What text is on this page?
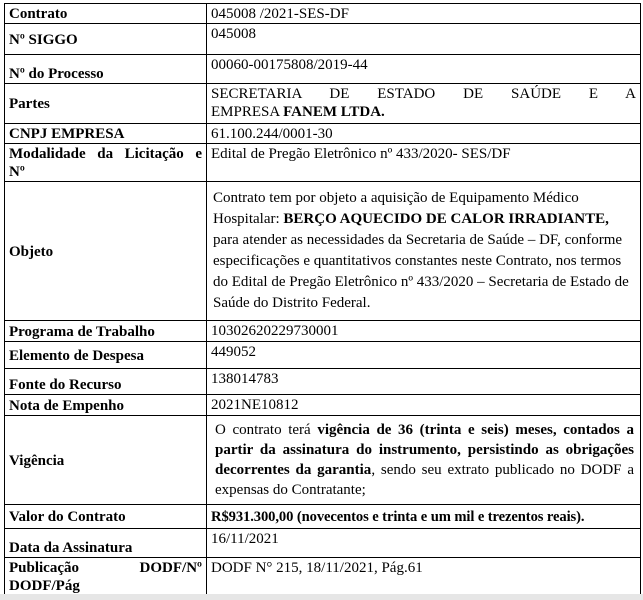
Contrato	045008 /2021-SES-DF
Nº SIGGO	045008
Nº do Processo	00060-00175808/2019-44
Partes	SECRETARIA DE ESTADO DE SAÚDE E A
EMPRESA FANEM LTDA.

CNPJ EMPRESA	61.100.244/0001-30

Modalidade da Licitação e
Nº	Edital de Pregão Eletrônico nº 433/2020- SES/DF
Objeto	Contrato tem por objeto a aquisição de Equipamento Médico Hospitalar: BERÇO AQUECIDO DE CALOR IRRADIANTE, para atender as necessidades da Secretaria de Saúde – DF, conforme especificações e quantitativos constantes neste Contrato, nos termos do Edital de Pregão Eletrônico nº 433/2020 – Secretaria de Estado de Saúde do Distrito Federal.
Programa de Trabalho	10302620229730001
Elemento de Despesa	449052
Fonte do Recurso	138014783
Nota de Empenho	2021NE10812
Vigência	O contrato terá vigência de 36 (trinta e seis) meses, contados a partir da assinatura do instrumento, persistindo as obrigações decorrentes da garantia, sendo seu extrato publicado no DODF a expensas do Contratante;
Valor do Contrato	R$931.300,00 (novecentos e trinta e um mil e trezentos reais).
Data da Assinatura	16/11/2021

Publicação DODF/Nº
DODF/Pág	DODF N° 215, 18/11/2021, Pág.61
